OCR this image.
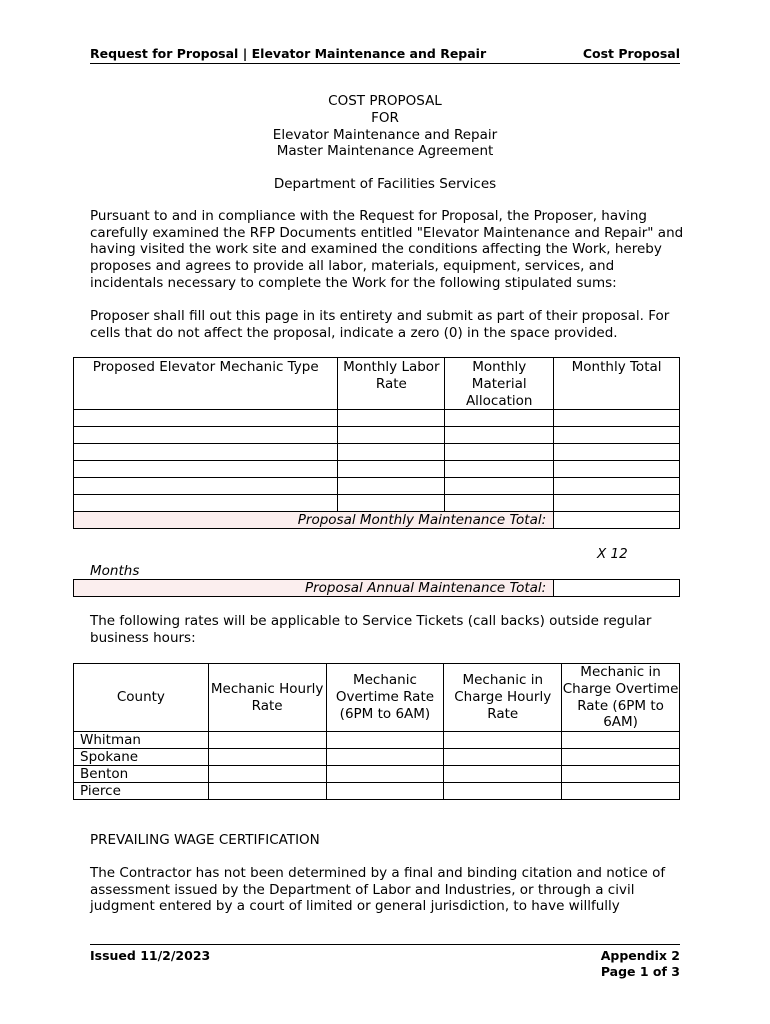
Request for Proposal | Elevator Maintenance and Repair	Cost Proposal
COST PROPOSAL
FOR
Elevator Maintenance and Repair
Master Maintenance Agreement
Department of Facilities Services
Pursuant to and in compliance with the Request for Proposal, the Proposer, having carefully examined the RFP Documents entitled "Elevator Maintenance and Repair" and having visited the work site and examined the conditions affecting the Work, hereby proposes and agrees to provide all labor, materials, equipment, services, and incidentals necessary to complete the Work for the following stipulated sums:
Proposer shall fill out this page in its entirety and submit as part of their proposal. For cells that do not affect the proposal, indicate a zero (0) in the space provided.
Proposed Elevator Mechanic Type	Monthly Labor Rate	Monthly Material Allocation	Monthly Total

Proposal Monthly Maintenance Total:			
X 12
Months
Proposal Annual Maintenance Total:	
The following rates will be applicable to Service Tickets (call backs) outside regular business hours:
County	Mechanic Hourly Rate	Mechanic Overtime Rate (6PM to 6AM)	Mechanic in Charge Hourly Rate	Mechanic in Charge Overtime Rate (6PM to 6AM)
Whitman				
Spokane				
Benton				
Pierce				
PREVAILING WAGE CERTIFICATION
The Contractor has not been determined by a final and binding citation and notice of assessment issued by the Department of Labor and Industries, or through a civil judgment entered by a court of limited or general jurisdiction, to have willfully
Issued 11/2/2023	Appendix 2
Page 1 of 3
